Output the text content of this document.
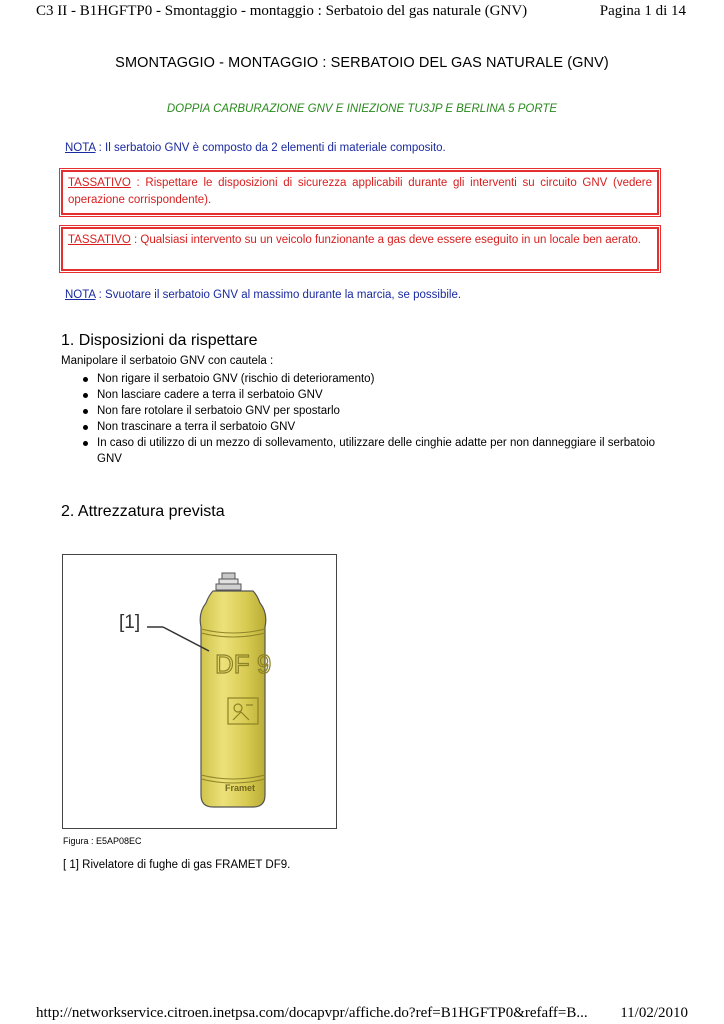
C3 II - B1HGFTP0 - Smontaggio - montaggio : Serbatoio del gas naturale (GNV)	Pagina 1 di 14
SMONTAGGIO - MONTAGGIO : SERBATOIO DEL GAS NATURALE (GNV)
DOPPIA CARBURAZIONE GNV E INIEZIONE TU3JP E BERLINA 5 PORTE
NOTA : Il serbatoio GNV è composto da 2 elementi di materiale composito.
TASSATIVO : Rispettare le disposizioni di sicurezza applicabili durante gli interventi su circuito GNV (vedere operazione corrispondente).
TASSATIVO : Qualsiasi intervento su un veicolo funzionante a gas deve essere eseguito in un locale ben aerato.
NOTA : Svuotare il serbatoio GNV al massimo durante la marcia, se possibile.
1. Disposizioni da rispettare
Manipolare il serbatoio GNV con cautela :
Non rigare il serbatoio GNV (rischio di deterioramento)
Non lasciare cadere a terra il serbatoio GNV
Non fare rotolare il serbatoio GNV per spostarlo
Non trascinare a terra il serbatoio GNV
In caso di utilizzo di un mezzo di sollevamento, utilizzare delle cinghie adatte per non danneggiare il serbatoio GNV
2. Attrezzatura prevista
DF 9
Framet
[1]
Figura : E5AP08EC
[ 1] Rivelatore di fughe di gas FRAMET DF9.
http://networkservice.citroen.inetpsa.com/docapvpr/affiche.do?ref=B1HGFTP0&refaff=B... 11/02/2010
